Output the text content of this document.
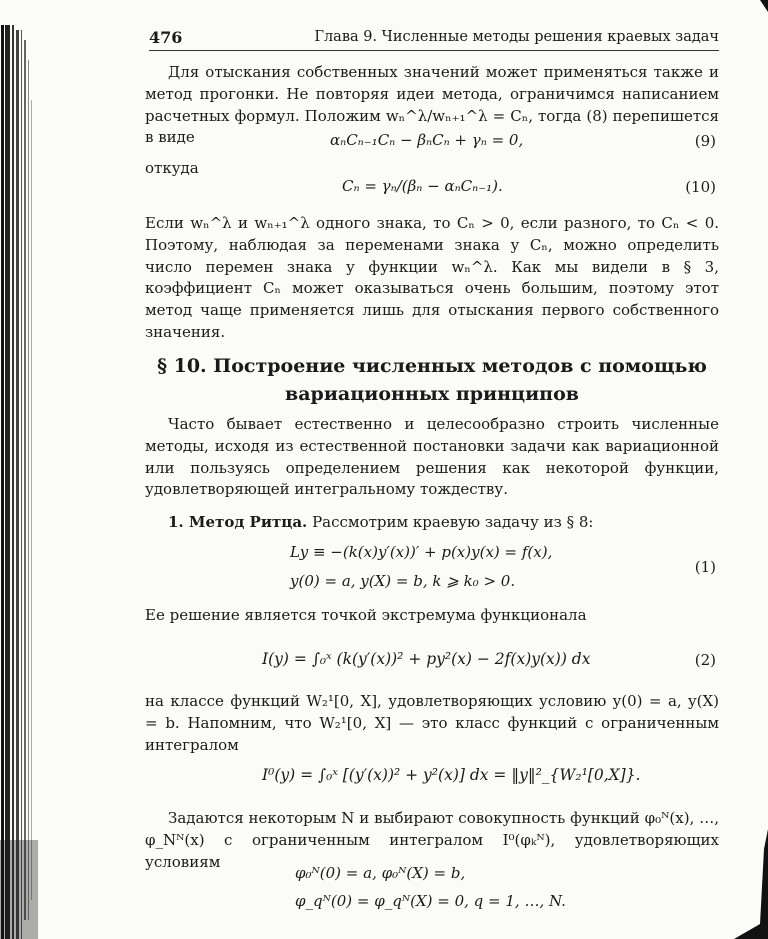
476	Глава 9. Численные методы решения краевых задач

Для отыскания собственных значений может применяться также и метод прогонки. Не повторяя идеи метода, ограничимся написанием расчетных формул. Положим wₙ^λ/wₙ₊₁^λ = Cₙ, тогда (8) перепишется в виде	αₙCₙ₋₁Cₙ − βₙCₙ + γₙ = 0,	(9)
откуда
Cₙ = γₙ/(βₙ − αₙCₙ₋₁).	(10)

Если wₙ^λ и wₙ₊₁^λ одного знака, то Cₙ > 0, если разного, то Cₙ < 0. Поэтому, наблюдая за переменами знака у Cₙ, можно определить число перемен знака у функции wₙ^λ. Как мы видели в § 3, коэффициент Cₙ может оказываться очень большим, поэтому этот метод чаще применяется лишь для отыскания первого собственного значения.

§ 10. Построение численных методов с помощью
вариационных принципов

Часто бывает естественно и целесообразно строить численные методы, исходя из естественной постановки задачи как вариационной или пользуясь определением решения как некоторой функции, удовлетворяющей интегральному тождеству.

1. Метод Ритца. Рассмотрим краевую задачу из § 8:
Ly ≡ −(k(x)y′(x))′ + p(x)y(x) = f(x),
y(0) = a, y(X) = b, k ⩾ k₀ > 0.
(1)

Ее решение является точкой экстремума функционала

I(y) = ∫₀ˣ (k(y′(x))² + py²(x) − 2f(x)y(x)) dx	(2)

на классе функций W₂¹[0, X], удовлетворяющих условию y(0) = a, y(X) = b. Напомним, что W₂¹[0, X] — это класс функций с ограниченным интегралом

I⁰(y) = ∫₀ˣ [(y′(x))² + y²(x)] dx = ‖y‖²_{W₂¹[0,X]}.

Задаются некоторым N и выбирают совокупность функций φ₀ᴺ(x), …, φ_Nᴺ(x) с ограниченным интегралом I⁰(φₖᴺ), удовлетворяющих условиям

φ₀ᴺ(0) = a, φ₀ᴺ(X) = b,
φ_qᴺ(0) = φ_qᴺ(X) = 0, q = 1, …, N.
